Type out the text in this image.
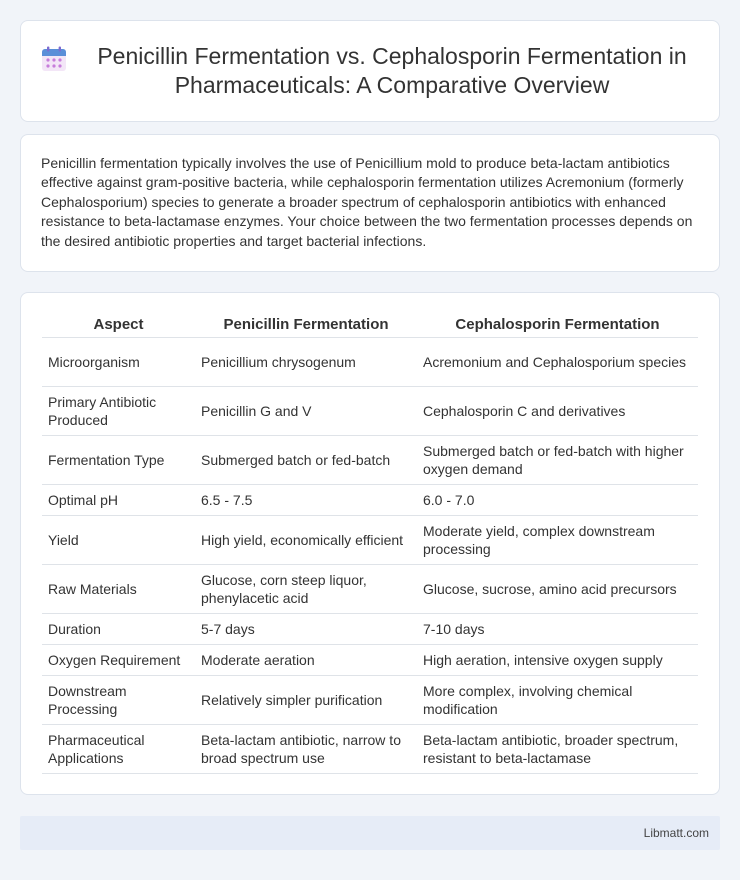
Penicillin Fermentation vs. Cephalosporin Fermentation in Pharmaceuticals: A Comparative Overview

Penicillin fermentation typically involves the use of Penicillium mold to produce beta-lactam antibiotics effective against gram-positive bacteria, while cephalosporin fermentation utilizes Acremonium (formerly Cephalosporium) species to generate a broader spectrum of cephalosporin antibiotics with enhanced resistance to beta-lactamase enzymes. Your choice between the two fermentation processes depends on the desired antibiotic properties and target bacterial infections.

Aspect	Penicillin Fermentation	Cephalosporin Fermentation
Microorganism	Penicillium chrysogenum	Acremonium and Cephalosporium species
Primary Antibiotic Produced	Penicillin G and V	Cephalosporin C and derivatives
Fermentation Type	Submerged batch or fed-batch	Submerged batch or fed-batch with higher oxygen demand
Optimal pH	6.5 - 7.5	6.0 - 7.0
Yield	High yield, economically efficient	Moderate yield, complex downstream processing
Raw Materials	Glucose, corn steep liquor, phenylacetic acid	Glucose, sucrose, amino acid precursors
Duration	5-7 days	7-10 days
Oxygen Requirement	Moderate aeration	High aeration, intensive oxygen supply
Downstream Processing	Relatively simpler purification	More complex, involving chemical modification
Pharmaceutical Applications	Beta-lactam antibiotic, narrow to broad spectrum use	Beta-lactam antibiotic, broader spectrum, resistant to beta-lactamase
Libmatt.com
